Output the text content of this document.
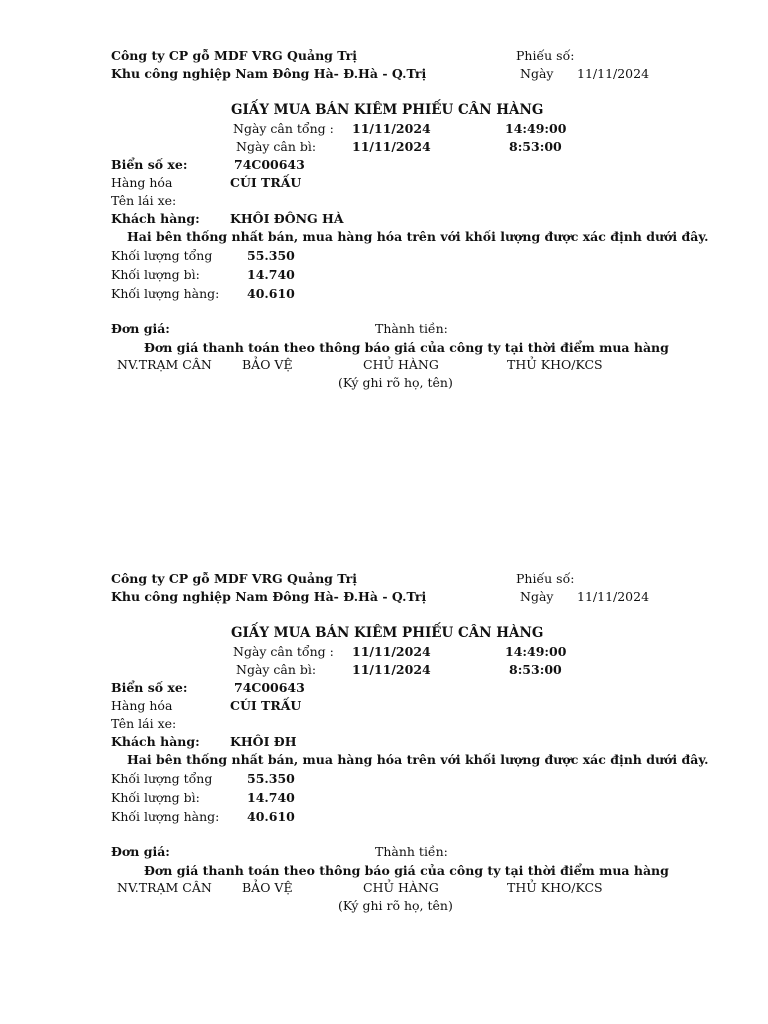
Công ty CP gỗ MDF VRG Quảng Trị	Phiếu số:
Khu công nghiệp Nam Đông Hà- Đ.Hà - Q.Trị	Ngày 11/11/2024
GIẤY MUA BÁN KIÊM PHIẾU CÂN HÀNG
Ngày cân tổng : 11/11/2024	14:49:00
Ngày cân bì:	11/11/2024	8:53:00
Biển số xe:	74C00643
Hàng hóa	CÚI TRẤU
Tên lái xe:
Khách hàng: KHÔI ĐÔNG HÀ
Hai bên thống nhất bán, mua hàng hóa trên với khối lượng được xác định dưới đây.
Khối lượng tổng	55.350
Khối lượng bì:	14.740
Khối lượng hàng: 40.610
Đơn giá:	Thành tiền:
Đơn giá thanh toán theo thông báo giá của công ty tại thời điểm mua hàng
NV.TRẠM CÂN BẢO VỆ	CHỦ HÀNG	THỦ KHO/KCS
(Ký ghi rõ họ, tên)
Công ty CP gỗ MDF VRG Quảng Trị	Phiếu số:
Khu công nghiệp Nam Đông Hà- Đ.Hà - Q.Trị	Ngày 11/11/2024
GIẤY MUA BÁN KIÊM PHIẾU CÂN HÀNG
Ngày cân tổng : 11/11/2024	14:49:00
Ngày cân bì:	11/11/2024	8:53:00
Biển số xe:	74C00643
Hàng hóa	CÚI TRẤU
Tên lái xe:
Khách hàng: KHÔI ĐH
Hai bên thống nhất bán, mua hàng hóa trên với khối lượng được xác định dưới đây.
Khối lượng tổng	55.350
Khối lượng bì:	14.740
Khối lượng hàng: 40.610
Đơn giá:	Thành tiền:
Đơn giá thanh toán theo thông báo giá của công ty tại thời điểm mua hàng
NV.TRẠM CÂN BẢO VỆ	CHỦ HÀNG	THỦ KHO/KCS
(Ký ghi rõ họ, tên)
